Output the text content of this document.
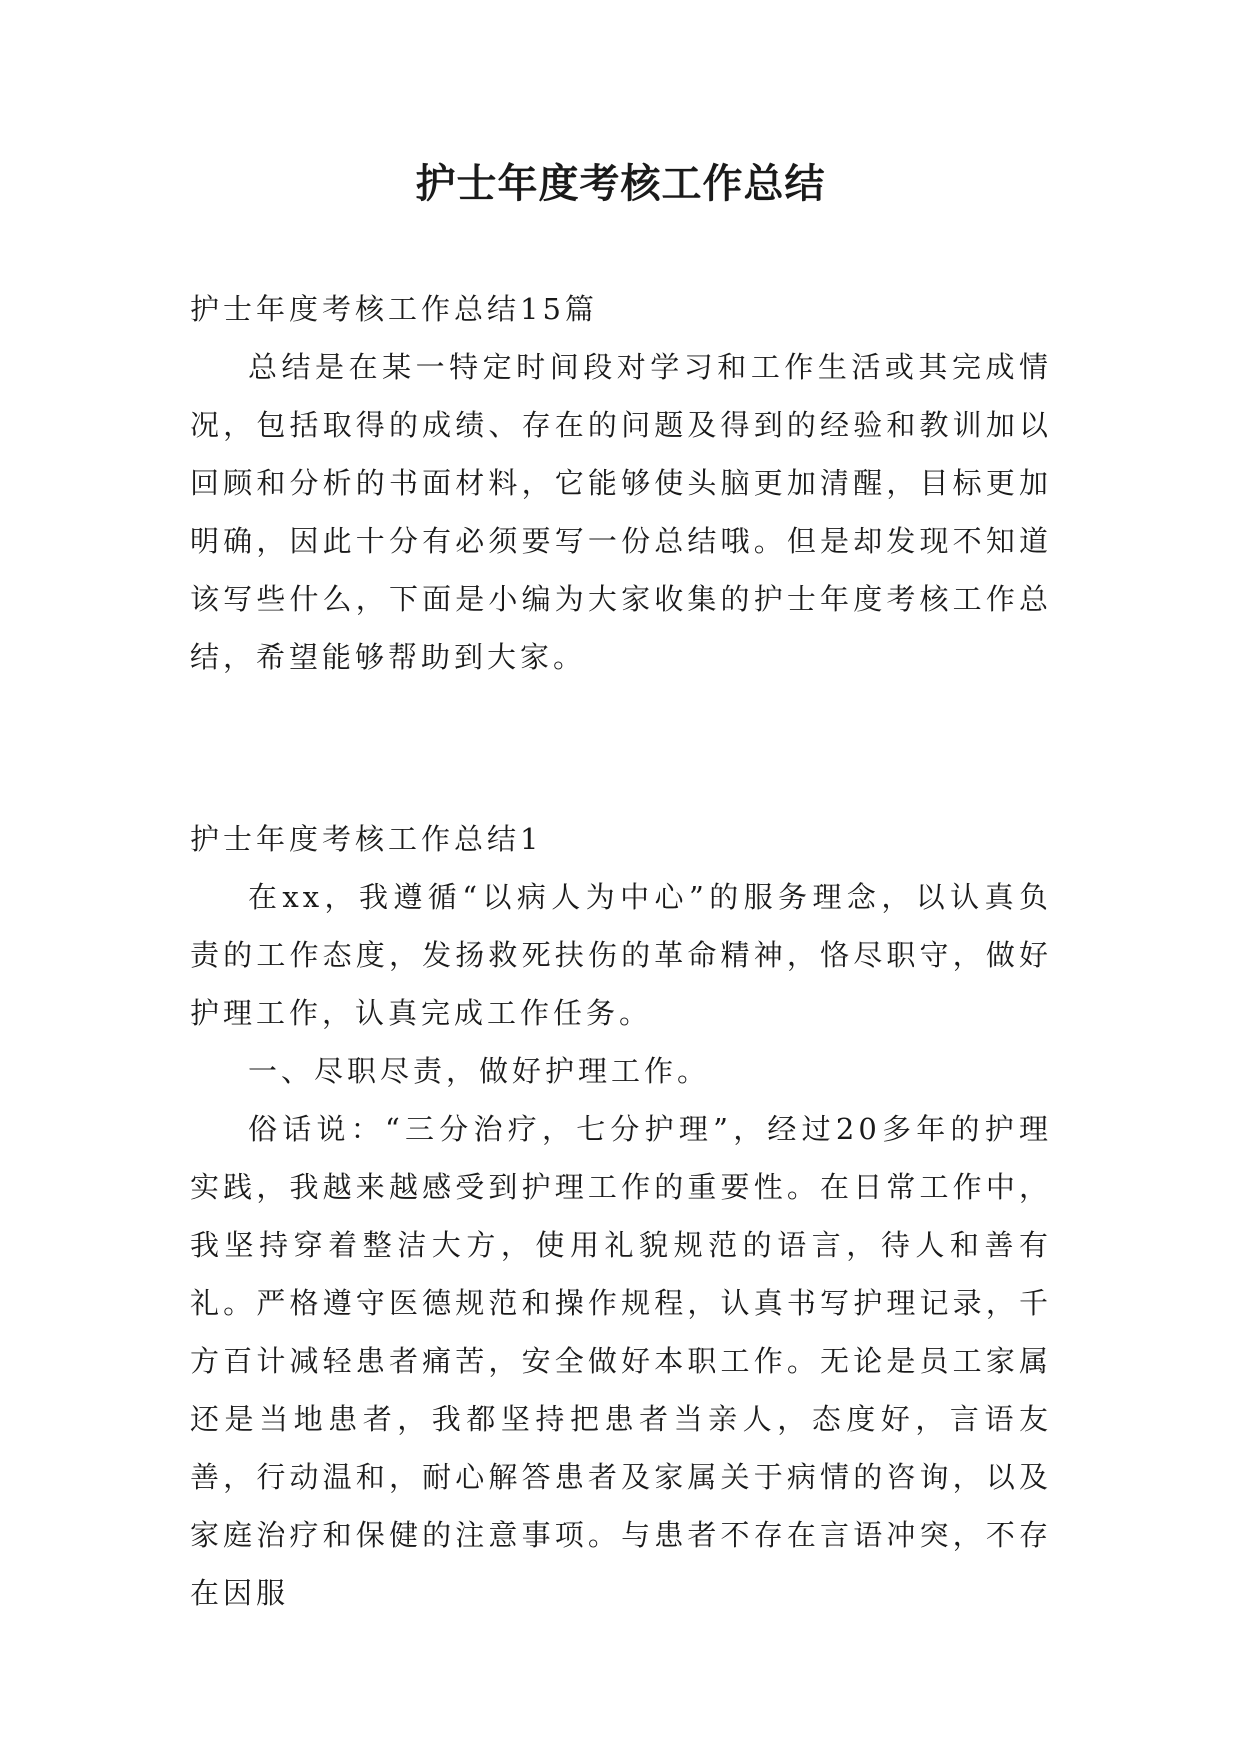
护士年度考核工作总结

护士年度考核工作总结15篇

总结是在某一特定时间段对学习和工作生活或其完成情况，包括取得的成绩、存在的问题及得到的经验和教训加以回顾和分析的书面材料，它能够使头脑更加清醒，目标更加明确，因此十分有必须要写一份总结哦。但是却发现不知道该写些什么，下面是小编为大家收集的护士年度考核工作总结，希望能够帮助到大家。

护士年度考核工作总结1

在xx，我遵循“以病人为中心”的服务理念，以认真负责的工作态度，发扬救死扶伤的革命精神，恪尽职守，做好护理工作，认真完成工作任务。

一、尽职尽责，做好护理工作。

俗话说：“三分治疗，七分护理”，经过20多年的护理实践，我越来越感受到护理工作的重要性。在日常工作中，我坚持穿着整洁大方，使用礼貌规范的语言，待人和善有礼。严格遵守医德规范和操作规程，认真书写护理记录，千方百计减轻患者痛苦，安全做好本职工作。无论是员工家属还是当地患者，我都坚持把患者当亲人，态度好，言语友善，行动温和，耐心解答患者及家属关于病情的咨询，以及家庭治疗和保健的注意事项。与患者不存在言语冲突，不存在因服
